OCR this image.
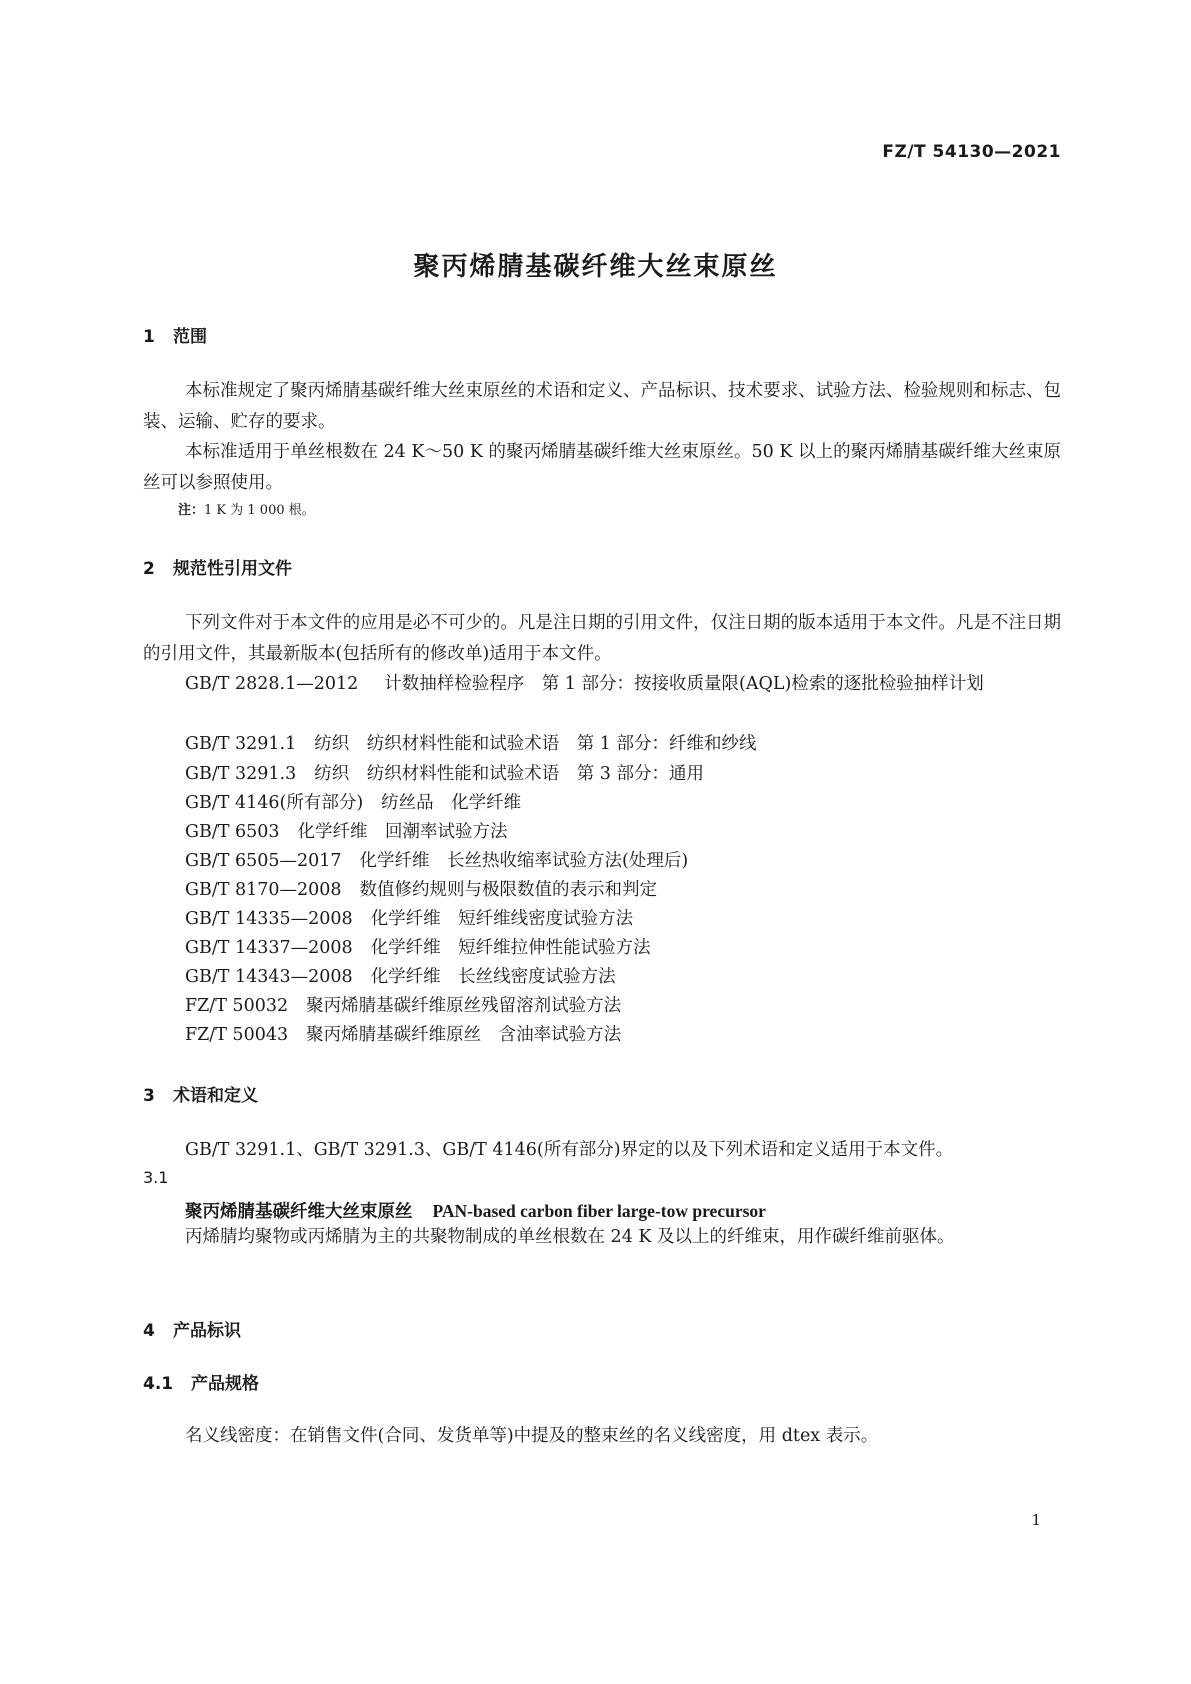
FZ/T 54130—2021
聚丙烯腈基碳纤维大丝束原丝
1 范围

本标准规定了聚丙烯腈基碳纤维大丝束原丝的术语和定义、产品标识、技术要求、试验方法、检验规则和标志、包装、运输、贮存的要求。

本标准适用于单丝根数在 24 K～50 K 的聚丙烯腈基碳纤维大丝束原丝。50 K 以上的聚丙烯腈基碳纤维大丝束原丝可以参照使用。

注：1 K 为 1 000 根。
2 规范性引用文件

下列文件对于本文件的应用是必不可少的。凡是注日期的引用文件，仅注日期的版本适用于本文件。凡是不注日期的引用文件，其最新版本(包括所有的修改单)适用于本文件。

GB/T 2828.1—2012 计数抽样检验程序　第 1 部分：按接收质量限(AQL)检索的逐批检验抽样计划

GB/T 3291.1 纺织　纺织材料性能和试验术语　第 1 部分：纤维和纱线
GB/T 3291.3 纺织　纺织材料性能和试验术语　第 3 部分：通用
GB/T 4146(所有部分) 纺丝品　化学纤维
GB/T 6503 化学纤维　回潮率试验方法
GB/T 6505—2017 化学纤维　长丝热收缩率试验方法(处理后)
GB/T 8170—2008 数值修约规则与极限数值的表示和判定
GB/T 14335—2008 化学纤维　短纤维线密度试验方法
GB/T 14337—2008 化学纤维　短纤维拉伸性能试验方法
GB/T 14343—2008 化学纤维　长丝线密度试验方法
FZ/T 50032 聚丙烯腈基碳纤维原丝残留溶剂试验方法
FZ/T 50043 聚丙烯腈基碳纤维原丝　含油率试验方法
3 术语和定义
GB/T 3291.1、GB/T 3291.3、GB/T 4146(所有部分)界定的以及下列术语和定义适用于本文件。
3.1
聚丙烯腈基碳纤维大丝束原丝 PAN-based carbon fiber large-tow precursor

丙烯腈均聚物或丙烯腈为主的共聚物制成的单丝根数在 24 K 及以上的纤维束，用作碳纤维前驱体。

4 产品标识
4.1 产品规格
名义线密度：在销售文件(合同、发货单等)中提及的整束丝的名义线密度，用 dtex 表示。
1
